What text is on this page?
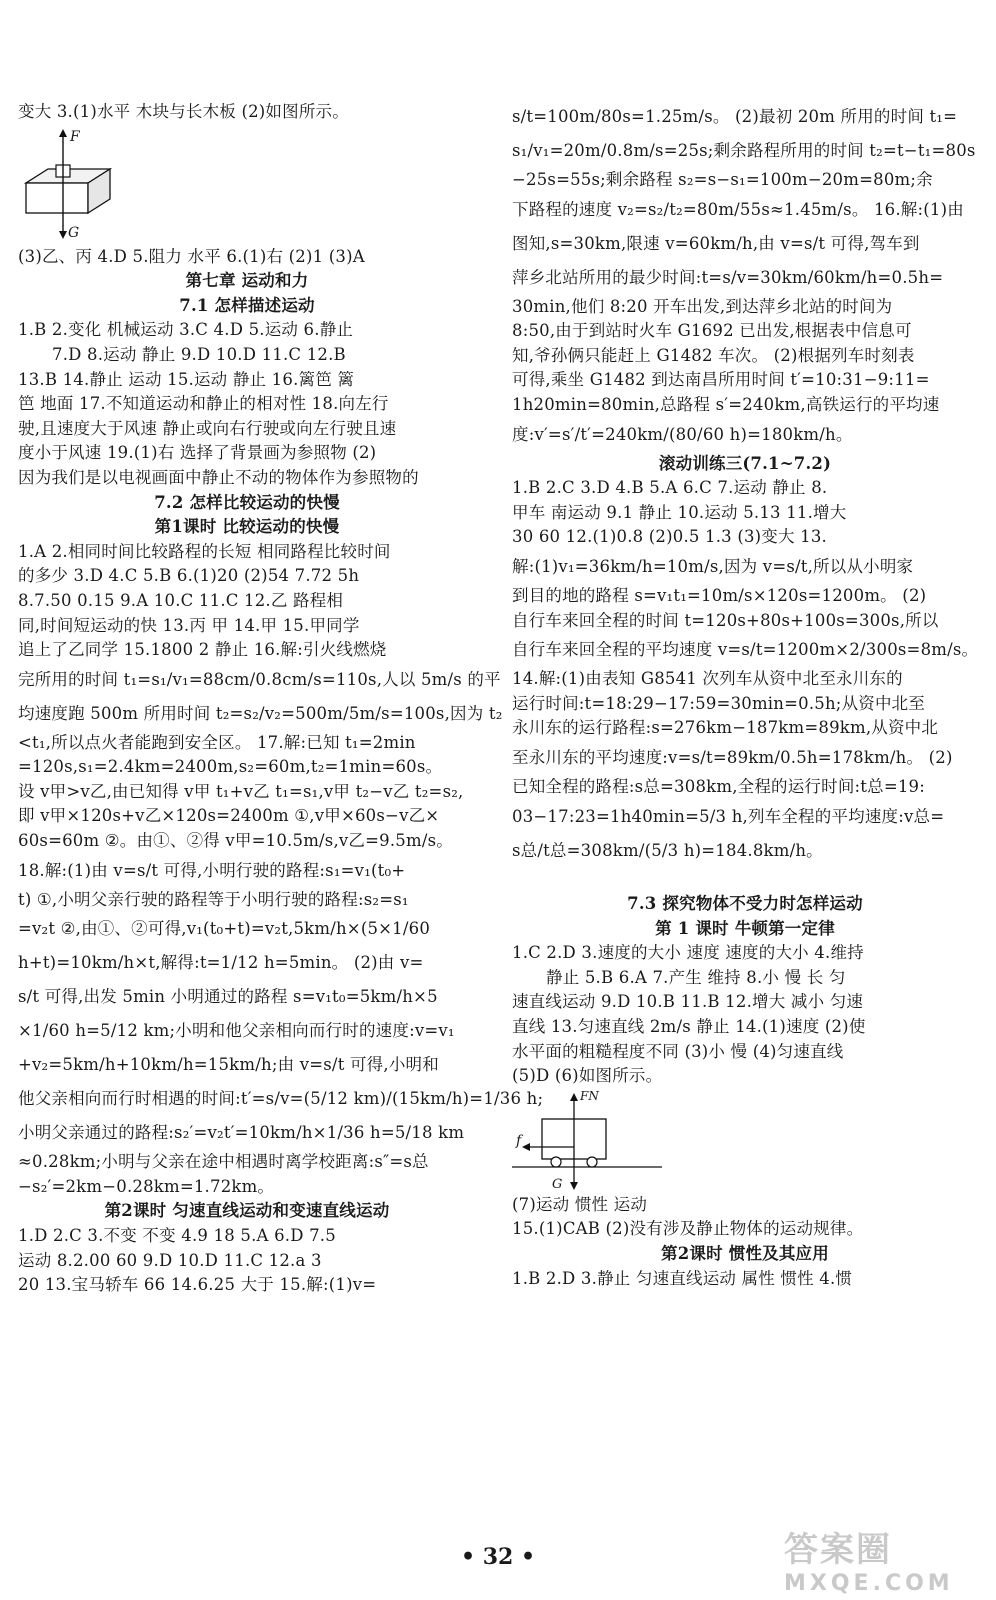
变大 3.(1)水平 木块与长木板 (2)如图所示。
F
G
(3)乙、丙 4.D 5.阻力 水平 6.(1)右 (2)1 (3)A
第七章 运动和力
7.1 怎样描述运动
1.B 2.变化 机械运动 3.C 4.D 5.运动 6.静止
7.D 8.运动 静止 9.D 10.D 11.C 12.B
13.B 14.静止 运动 15.运动 静止 16.篱笆 篱
笆 地面 17.不知道运动和静止的相对性 18.向左行
驶,且速度大于风速 静止或向右行驶或向左行驶且速
度小于风速 19.(1)右 选择了背景画为参照物 (2)
因为我们是以电视画面中静止不动的物体作为参照物的
7.2 怎样比较运动的快慢
第1课时 比较运动的快慢
1.A 2.相同时间比较路程的长短 相同路程比较时间
的多少 3.D 4.C 5.B 6.(1)20 (2)54 7.72 5h
8.7.50 0.15 9.A 10.C 11.C 12.乙 路程相
同,时间短运动的快 13.丙 甲 14.甲 15.甲同学
追上了乙同学 15.1800 2 静止 16.解:引火线燃烧
完所用的时间 t₁=s₁/v₁=88cm/0.8cm/s=110s,人以 5m/s 的平
均速度跑 500m 所用时间 t₂=s₂/v₂=500m/5m/s=100s,因为 t₂
<t₁,所以点火者能跑到安全区。 17.解:已知 t₁=2min
=120s,s₁=2.4km=2400m,s₂=60m,t₂=1min=60s。
设 v甲>v乙,由已知得 v甲 t₁+v乙 t₁=s₁,v甲 t₂−v乙 t₂=s₂,
即 v甲×120s+v乙×120s=2400m ①,v甲×60s−v乙×
60s=60m ②。由①、②得 v甲=10.5m/s,v乙=9.5m/s。
18.解:(1)由 v=s/t 可得,小明行驶的路程:s₁=v₁(t₀+
t) ①,小明父亲行驶的路程等于小明行驶的路程:s₂=s₁
=v₂t ②,由①、②可得,v₁(t₀+t)=v₂t,5km/h×(5×1/60
h+t)=10km/h×t,解得:t=1/12 h=5min。 (2)由 v=
s/t 可得,出发 5min 小明通过的路程 s=v₁t₀=5km/h×5
×1/60 h=5/12 km;小明和他父亲相向而行时的速度:v=v₁
+v₂=5km/h+10km/h=15km/h;由 v=s/t 可得,小明和
他父亲相向而行时相遇的时间:t′=s/v=(5/12 km)/(15km/h)=1/36 h;
小明父亲通过的路程:s₂′=v₂t′=10km/h×1/36 h=5/18 km
≈0.28km;小明与父亲在途中相遇时离学校距离:s″=s总
−s₂′=2km−0.28km=1.72km。
第2课时 匀速直线运动和变速直线运动
1.D 2.C 3.不变 不变 4.9 18 5.A 6.D 7.5
运动 8.2.00 60 9.D 10.D 11.C 12.a 3
20 13.宝马轿车 66 14.6.25 大于 15.解:(1)v=
s/t=100m/80s=1.25m/s。 (2)最初 20m 所用的时间 t₁=
s₁/v₁=20m/0.8m/s=25s;剩余路程所用的时间 t₂=t−t₁=80s
−25s=55s;剩余路程 s₂=s−s₁=100m−20m=80m;余
下路程的速度 v₂=s₂/t₂=80m/55s≈1.45m/s。 16.解:(1)由
图知,s=30km,限速 v=60km/h,由 v=s/t 可得,驾车到
萍乡北站所用的最少时间:t=s/v=30km/60km/h=0.5h=
30min,他们 8:20 开车出发,到达萍乡北站的时间为
8:50,由于到站时火车 G1692 已出发,根据表中信息可
知,爷孙俩只能赶上 G1482 车次。 (2)根据列车时刻表
可得,乘坐 G1482 到达南昌所用时间 t′=10:31−9:11=
1h20min=80min,总路程 s′=240km,高铁运行的平均速
度:v′=s′/t′=240km/(80/60 h)=180km/h。
滚动训练三(7.1~7.2)
1.B 2.C 3.D 4.B 5.A 6.C 7.运动 静止 8.
甲车 南运动 9.1 静止 10.运动 5.13 11.增大
30 60 12.(1)0.8 (2)0.5 1.3 (3)变大 13.
解:(1)v₁=36km/h=10m/s,因为 v=s/t,所以从小明家
到目的地的路程 s=v₁t₁=10m/s×120s=1200m。 (2)
自行车来回全程的时间 t=120s+80s+100s=300s,所以
自行车来回全程的平均速度 v=s/t=1200m×2/300s=8m/s。
14.解:(1)由表知 G8541 次列车从资中北至永川东的
运行时间:t=18:29−17:59=30min=0.5h;从资中北至
永川东的运行路程:s=276km−187km=89km,从资中北
至永川东的平均速度:v=s/t=89km/0.5h=178km/h。 (2)
已知全程的路程:s总=308km,全程的运行时间:t总=19:
03−17:23=1h40min=5/3 h,列车全程的平均速度:v总=
s总/t总=308km/(5/3 h)=184.8km/h。
7.3 探究物体不受力时怎样运动
第 1 课时 牛顿第一定律
1.C 2.D 3.速度的大小 速度 速度的大小 4.维持
静止 5.B 6.A 7.产生 维持 8.小 慢 长 匀
速直线运动 9.D 10.B 11.B 12.增大 减小 匀速
直线 13.匀速直线 2m/s 静止 14.(1)速度 (2)使
水平面的粗糙程度不同 (3)小 慢 (4)匀速直线
(5)D (6)如图所示。
FN
f
G
(7)运动 惯性 运动
15.(1)CAB (2)没有涉及静止物体的运动规律。
第2课时 惯性及其应用
1.B 2.D 3.静止 匀速直线运动 属性 惯性 4.惯
• 32 •	答案圈
MXQE.COM
